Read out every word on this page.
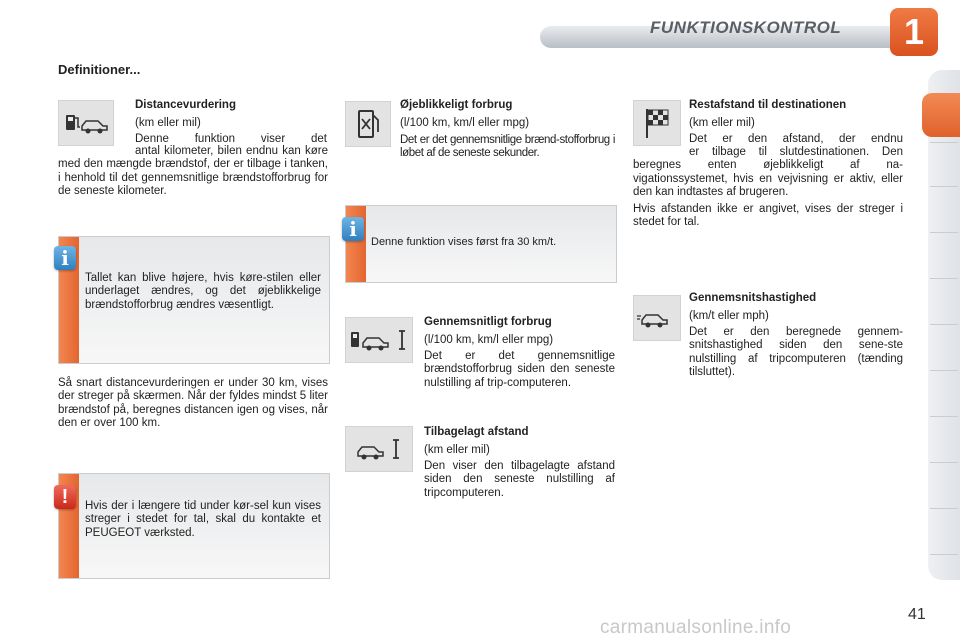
FUNKTIONSKONTROL	1
Definitioner...
Distancevurdering
(km eller mil)
Denne funktion viser det
antal kilometer, bilen endnu kan køre med den mængde brændstof, der er tilbage i tanken, i henhold til det gennemsnitlige brændstofforbrug for de seneste kilometer.
i
Tallet kan blive højere, hvis køre-stilen eller underlaget ændres, og det øjeblikkelige brændstofforbrug ændres væsentligt.
Så snart distancevurderingen er under 30 km, vises der streger på skærmen. Når der fyldes mindst 5 liter brændstof på, beregnes distancen igen og vises, når den er over 100 km.
!	Hvis der i længere tid under kør-sel kun vises streger i stedet for tal, skal du kontakte et PEUGEOT værksted.
Øjeblikkeligt forbrug
(l/100 km, km/l eller mpg)
Det er det gennemsnitlige brænd-stofforbrug i løbet af de seneste sekunder.
i
Denne funktion vises først fra 30 km/t.
Gennemsnitligt forbrug
(l/100 km, km/l eller mpg)
Det er det gennemsnitlige brændstofforbrug siden den seneste nulstilling af trip-computeren.
Tilbagelagt afstand
(km eller mil)
Den viser den tilbagelagte afstand siden den seneste nulstilling af tripcomputeren.
Restafstand til destinationen
(km eller mil)
Det er den afstand, der endnu
er tilbage til slutdestinationen. Den beregnes enten øjeblikkeligt af na-vigationssystemet, hvis en vejvisning er aktiv, eller den kan indtastes af brugeren.
Hvis afstanden ikke er angivet, vises der streger i stedet for tal.
Gennemsnitshastighed
(km/t eller mph)
Det er den beregnede gennem-snitshastighed siden den sene-ste nulstilling af tripcomputeren (tænding tilsluttet).
41
carmanualsonline.info
